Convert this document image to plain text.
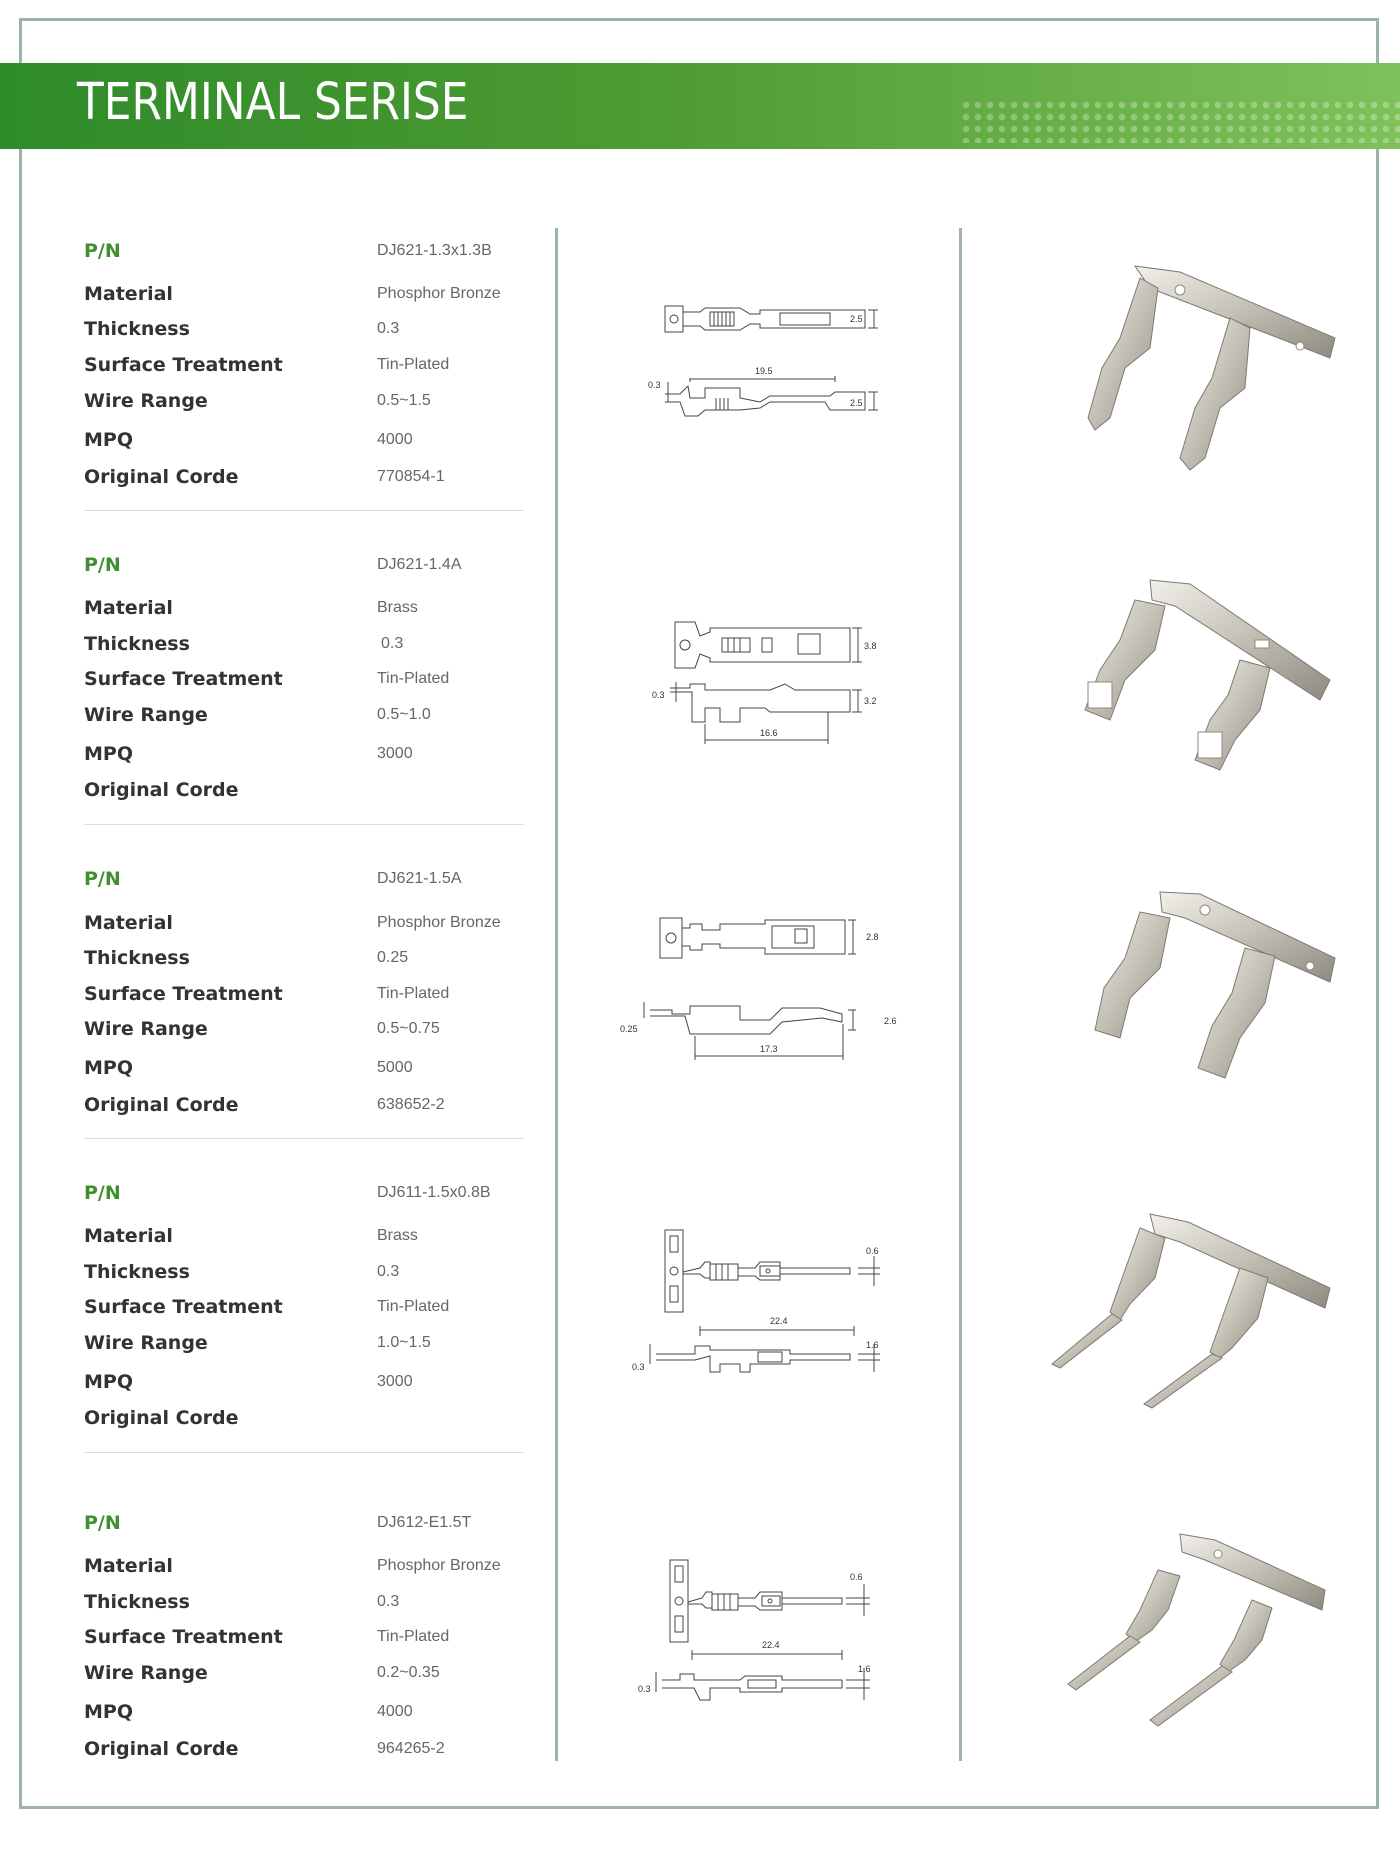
TERMINAL SERISE
P/N	DJ621-1.3x1.3B
Material	Phosphor Bronze
Thickness	0.3
Surface Treatment	Tin-Plated
Wire Range	0.5~1.5
MPQ	4000
Original Corde	770854-1
P/N	DJ621-1.4A
Material	Brass
Thickness	0.3
Surface Treatment	Tin-Plated
Wire Range	0.5~1.0
MPQ	3000
Original Corde
P/N	DJ621-1.5A
Material	Phosphor Bronze
Thickness	0.25
Surface Treatment	Tin-Plated
Wire Range	0.5~0.75
MPQ	5000
Original Corde	638652-2
P/N	DJ611-1.5x0.8B
Material	Brass
Thickness	0.3
Surface Treatment	Tin-Plated
Wire Range	1.0~1.5
MPQ	3000
Original Corde
P/N	DJ612-E1.5T
Material	Phosphor Bronze
Thickness	0.3
Surface Treatment	Tin-Plated
Wire Range	0.2~0.35
MPQ	4000
Original Corde	964265-2
2.5
19.5
0.3
2.5
3.8
16.6
0.3
3.2
2.8
17.3
0.25
2.6
0.6
22.4
0.3
1.6
0.6
22.4
0.3
1.6
